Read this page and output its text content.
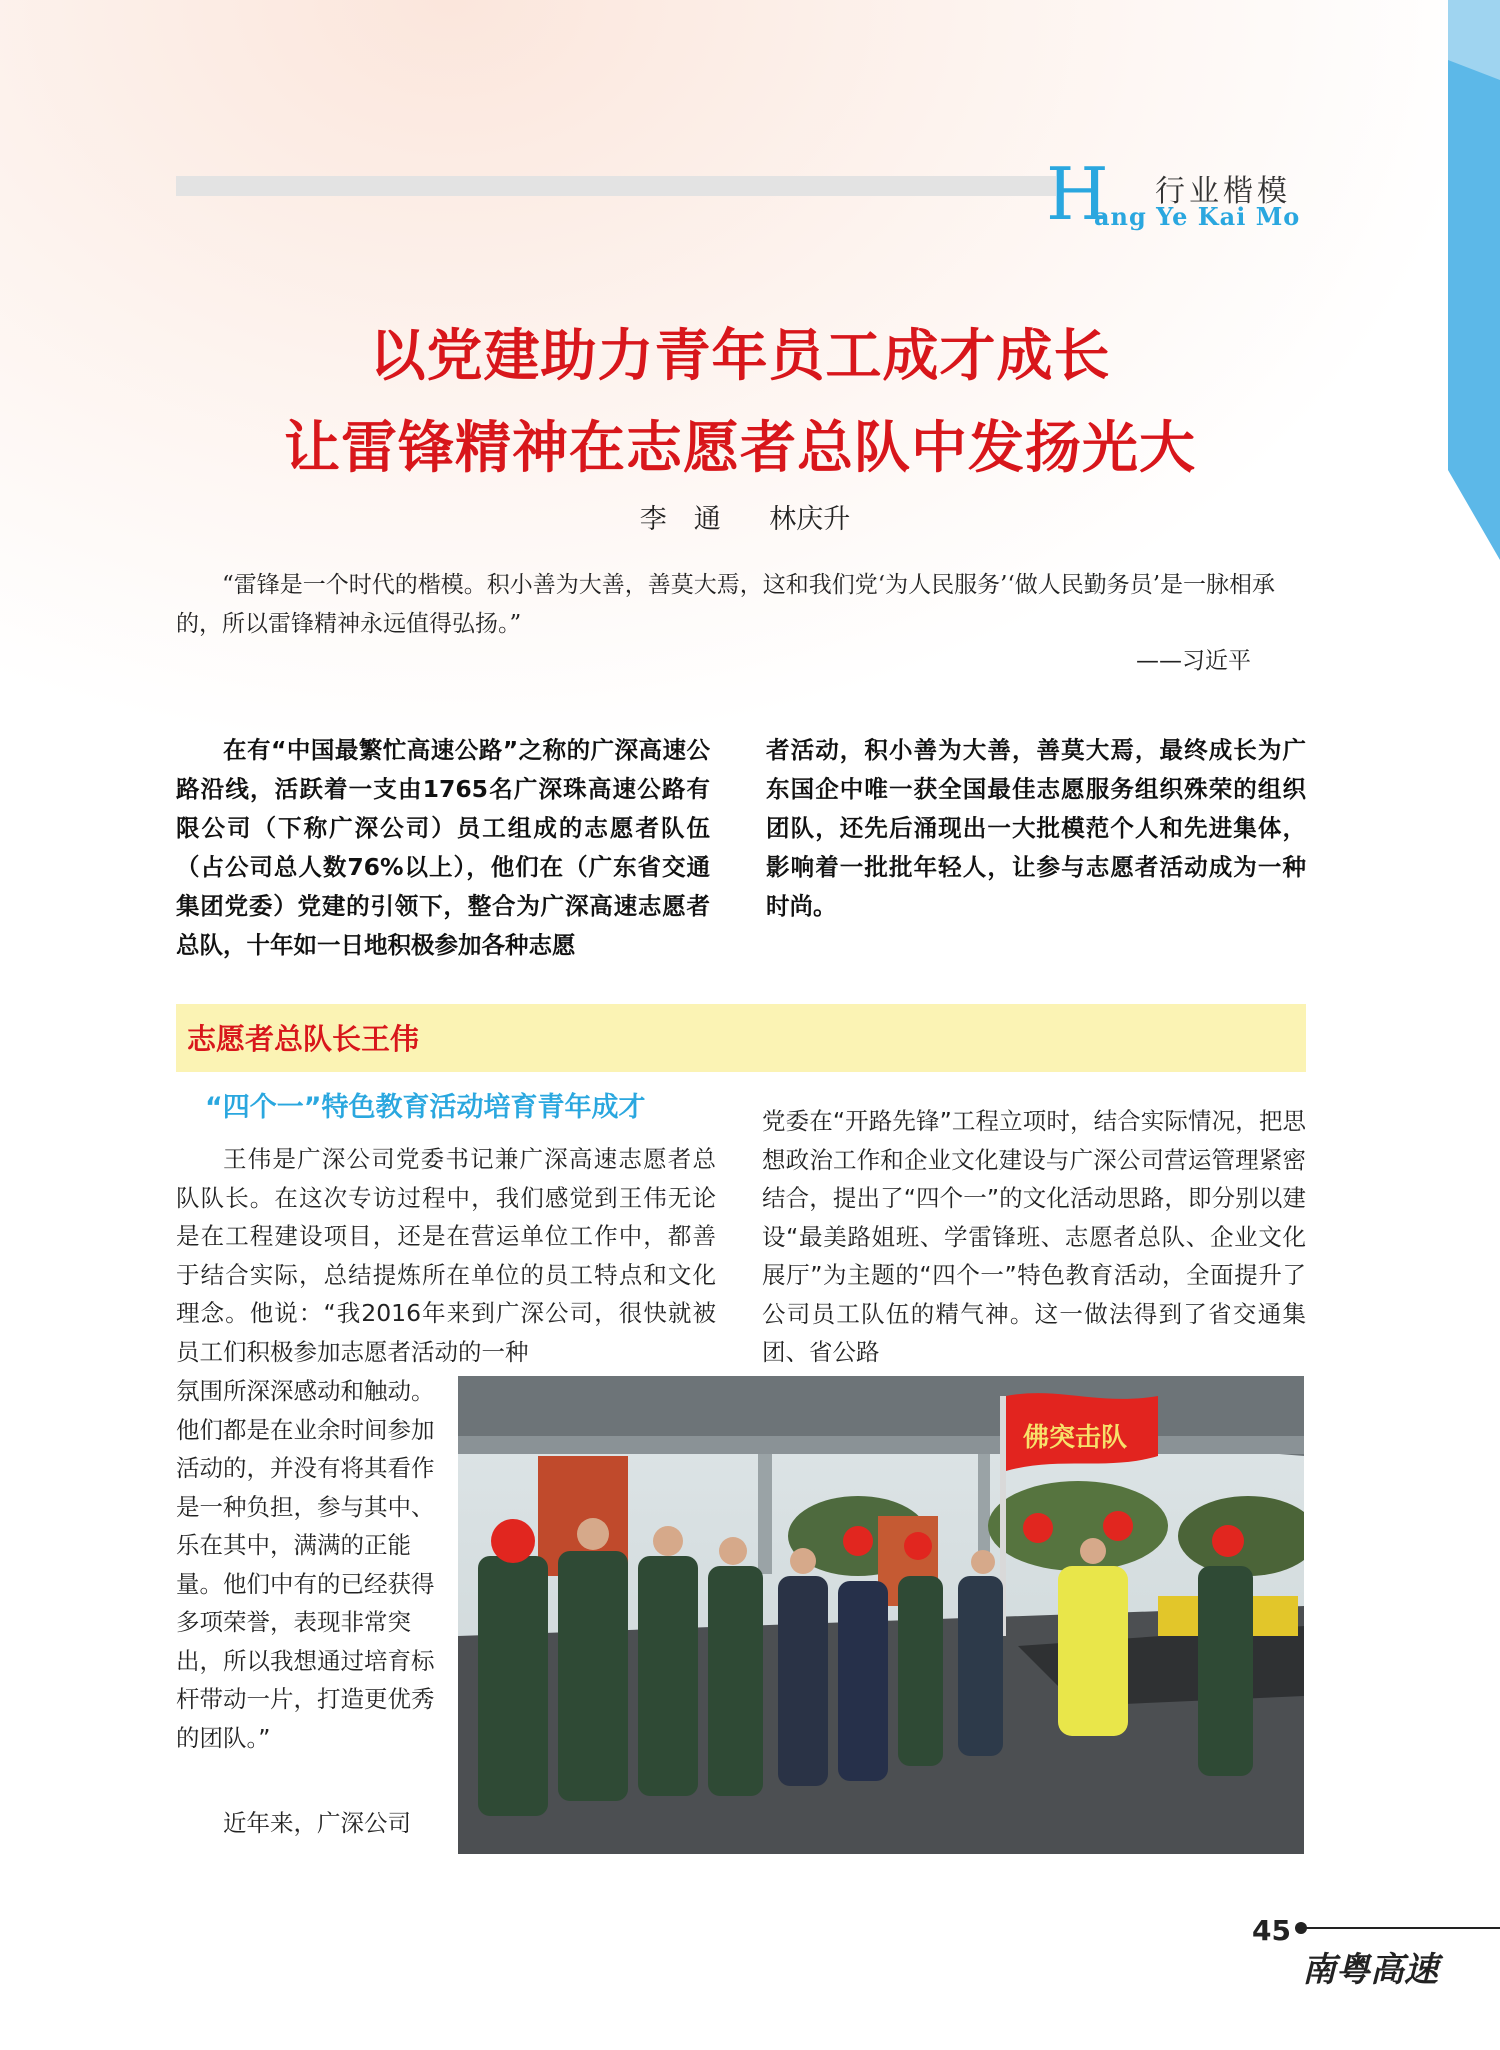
H 行业楷模
ang Ye Kai Mo
以党建助力青年员工成才成长
让雷锋精神在志愿者总队中发扬光大
李　通 林庆升

“雷锋是一个时代的楷模。积小善为大善，善莫大焉，这和我们党‘为人民服务’‘做人民勤务员’是一脉相承的，所以雷锋精神永远值得弘扬。”

——习近平

在有“中国最繁忙高速公路”之称的广深高速公路沿线，活跃着一支由1765名广深珠高速公路有限公司（下称广深公司）员工组成的志愿者队伍（占公司总人数76%以上），他们在（广东省交通集团党委）党建的引领下，整合为广深高速志愿者总队，十年如一日地积极参加各种志愿

者活动，积小善为大善，善莫大焉，最终成长为广东国企中唯一获全国最佳志愿服务组织殊荣的组织团队，还先后涌现出一大批模范个人和先进集体，影响着一批批年轻人，让参与志愿者活动成为一种时尚。

志愿者总队长王伟
“四个一”特色教育活动培育青年成才

王伟是广深公司党委书记兼广深高速志愿者总队队长。在这次专访过程中，我们感觉到王伟无论是在工程建设项目，还是在营运单位工作中，都善于结合实际，总结提炼所在单位的员工特点和文化理念。他说：“我2016年来到广深公司，很快就被员工们积极参加志愿者活动的一种

氛围所深深感动和触动。他们都是在业余时间参加活动的，并没有将其看作是一种负担，参与其中、乐在其中，满满的正能量。他们中有的已经获得多项荣誉，表现非常突出，所以我想通过培育标杆带动一片，打造更优秀的团队。”

近年来，广深公司

党委在“开路先锋”工程立项时，结合实际情况，把思想政治工作和企业文化建设与广深公司营运管理紧密结合，提出了“四个一”的文化活动思路，即分别以建设“最美路姐班、学雷锋班、志愿者总队、企业文化展厅”为主题的“四个一”特色教育活动，全面提升了公司员工队伍的精气神。这一做法得到了省交通集团、省公路

佛突击队
45
南粤高速
